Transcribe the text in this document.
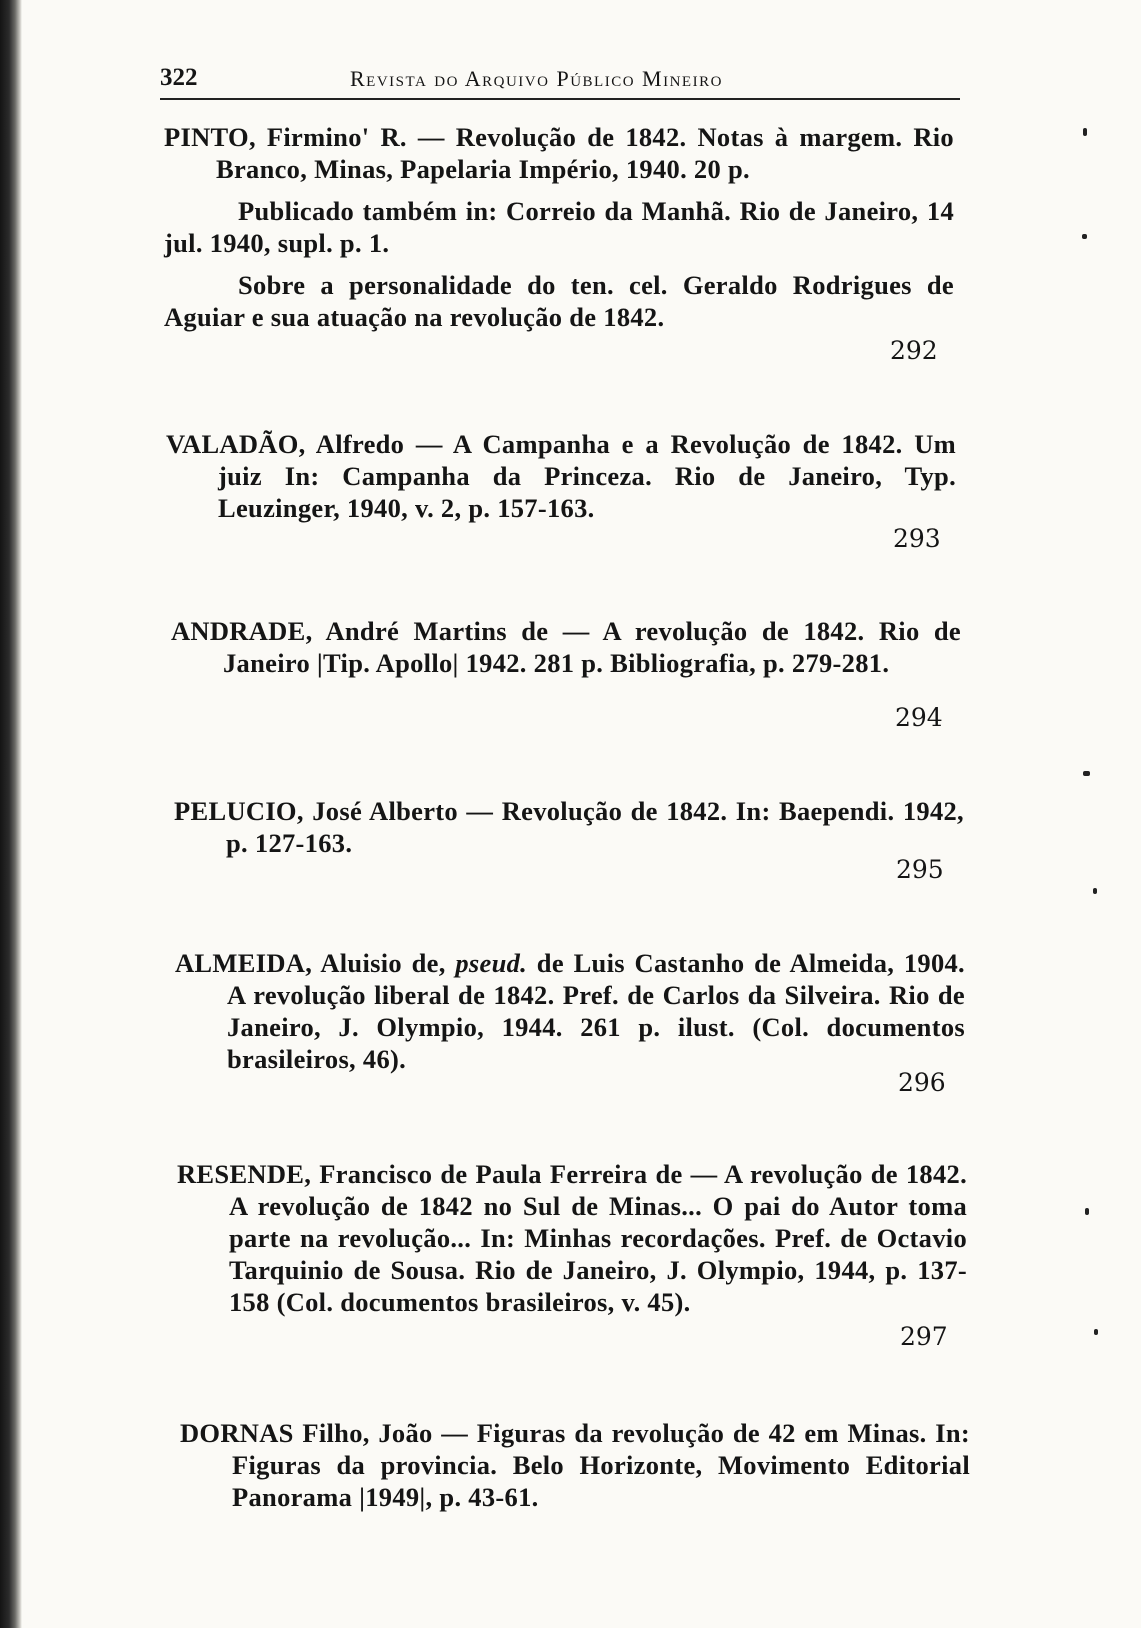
322	Revista do Arquivo Público Mineiro

PINTO, Firmino' R. — Revolução de 1842. Notas à margem. Rio Branco, Minas, Papelaria Império, 1940. 20 p.

Publicado também in: Correio da Manhã. Rio de Janeiro, 14 jul. 1940, supl. p. 1.

Sobre a personalidade do ten. cel. Geraldo Rodrigues de Aguiar e sua atuação na revolução de 1842.

292

VALADÃO, Alfredo — A Campanha e a Revolução de 1842. Um juiz In: Campanha da Princeza. Rio de Janeiro, Typ. Leuzinger, 1940, v. 2, p. 157-163.

293

ANDRADE, André Martins de — A revolução de 1842. Rio de Janeiro |Tip. Apollo| 1942. 281 p. Bibliografia, p. 279-281.

294

PELUCIO, José Alberto — Revolução de 1842. In: Baependi. 1942, p. 127-163.

295

ALMEIDA, Aluisio de, pseud. de Luis Castanho de Almeida, 1904. A revolução liberal de 1842. Pref. de Carlos da Silveira. Rio de Janeiro, J. Olympio, 1944. 261 p. ilust. (Col. documentos brasileiros, 46).

296

RESENDE, Francisco de Paula Ferreira de — A revolução de 1842. A revolução de 1842 no Sul de Minas... O pai do Autor toma parte na revolução... In: Minhas recordações. Pref. de Octavio Tarquinio de Sousa. Rio de Janeiro, J. Olympio, 1944, p. 137-158 (Col. documentos brasileiros, v. 45).

297

DORNAS Filho, João — Figuras da revolução de 42 em Minas. In: Figuras da provincia. Belo Horizonte, Movimento Editorial Panorama |1949|, p. 43-61.
